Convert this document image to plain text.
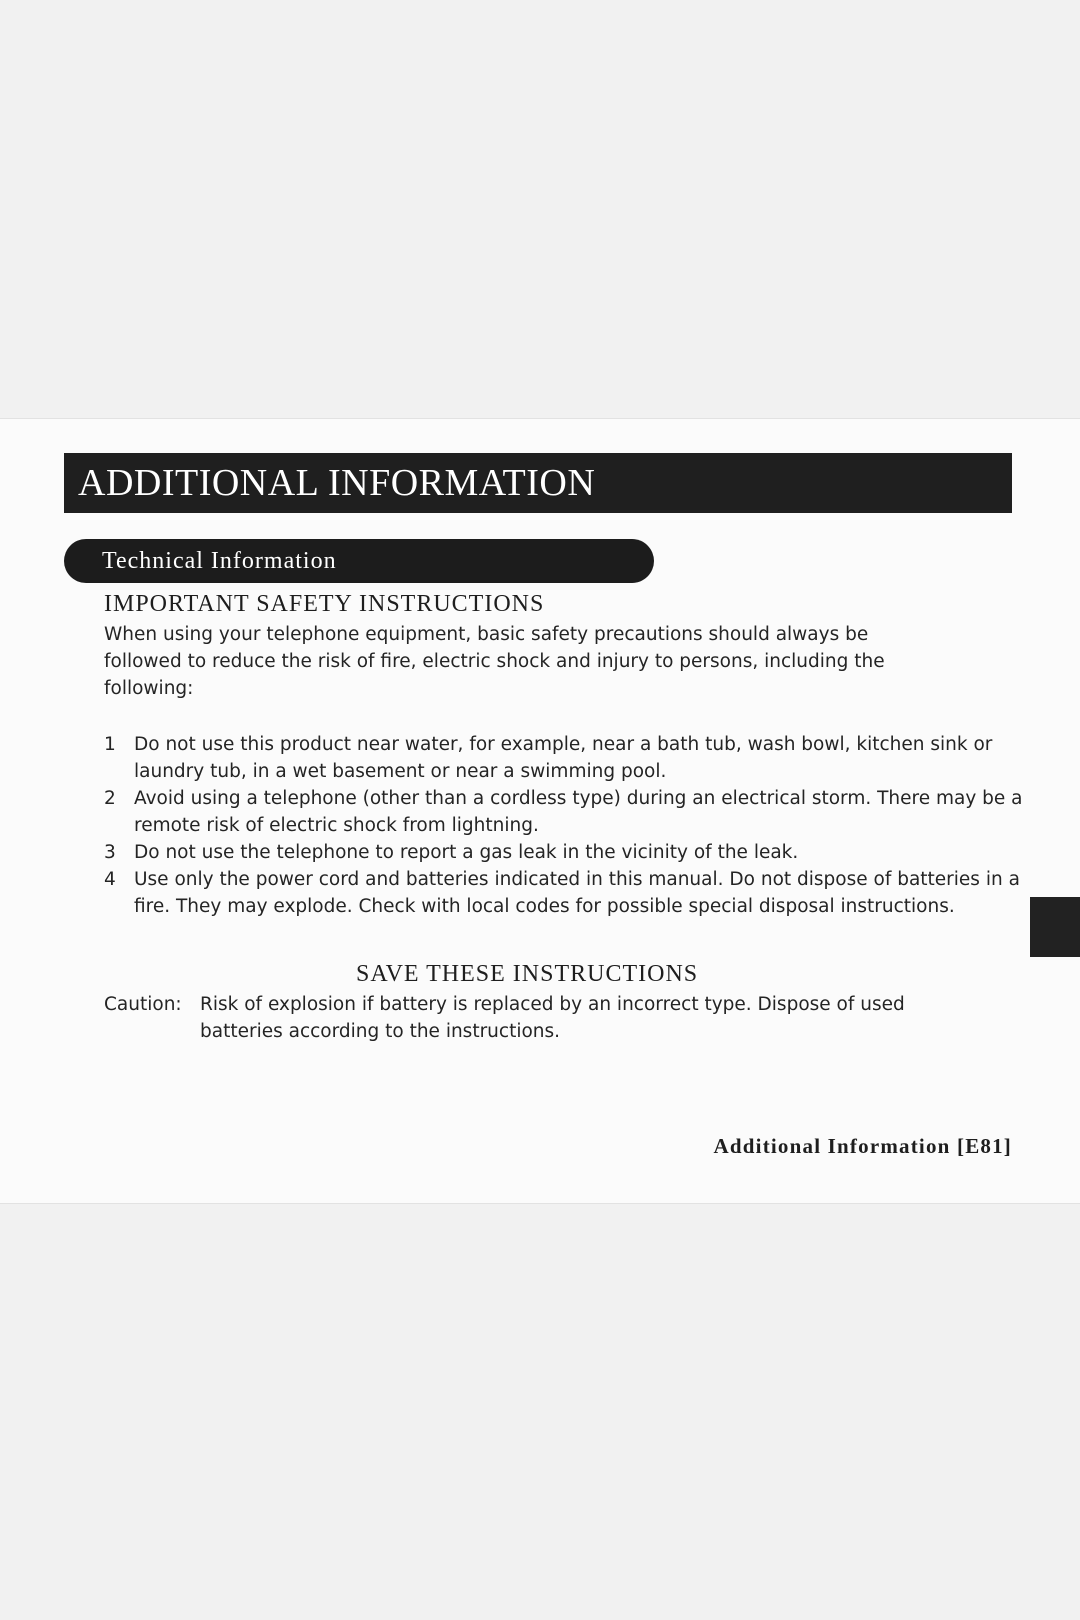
ADDITIONAL INFORMATION
Technical Information
IMPORTANT SAFETY INSTRUCTIONS
When using your telephone equipment, basic safety precautions should always be followed to reduce the risk of fire, electric shock and injury to persons, including the following:
1 Do not use this product near water, for example, near a bath tub, wash bowl, kitchen sink or laundry tub, in a wet basement or near a swimming pool.
2 Avoid using a telephone (other than a cordless type) during an electrical storm. There may be a remote risk of electric shock from lightning.
3 Do not use the telephone to report a gas leak in the vicinity of the leak.
4 Use only the power cord and batteries indicated in this manual. Do not dispose of batteries in a fire. They may explode. Check with local codes for possible special disposal instructions.
SAVE THESE INSTRUCTIONS
Caution: Risk of explosion if battery is replaced by an incorrect type. Dispose of used batteries according to the instructions.
Additional Information [E81]
